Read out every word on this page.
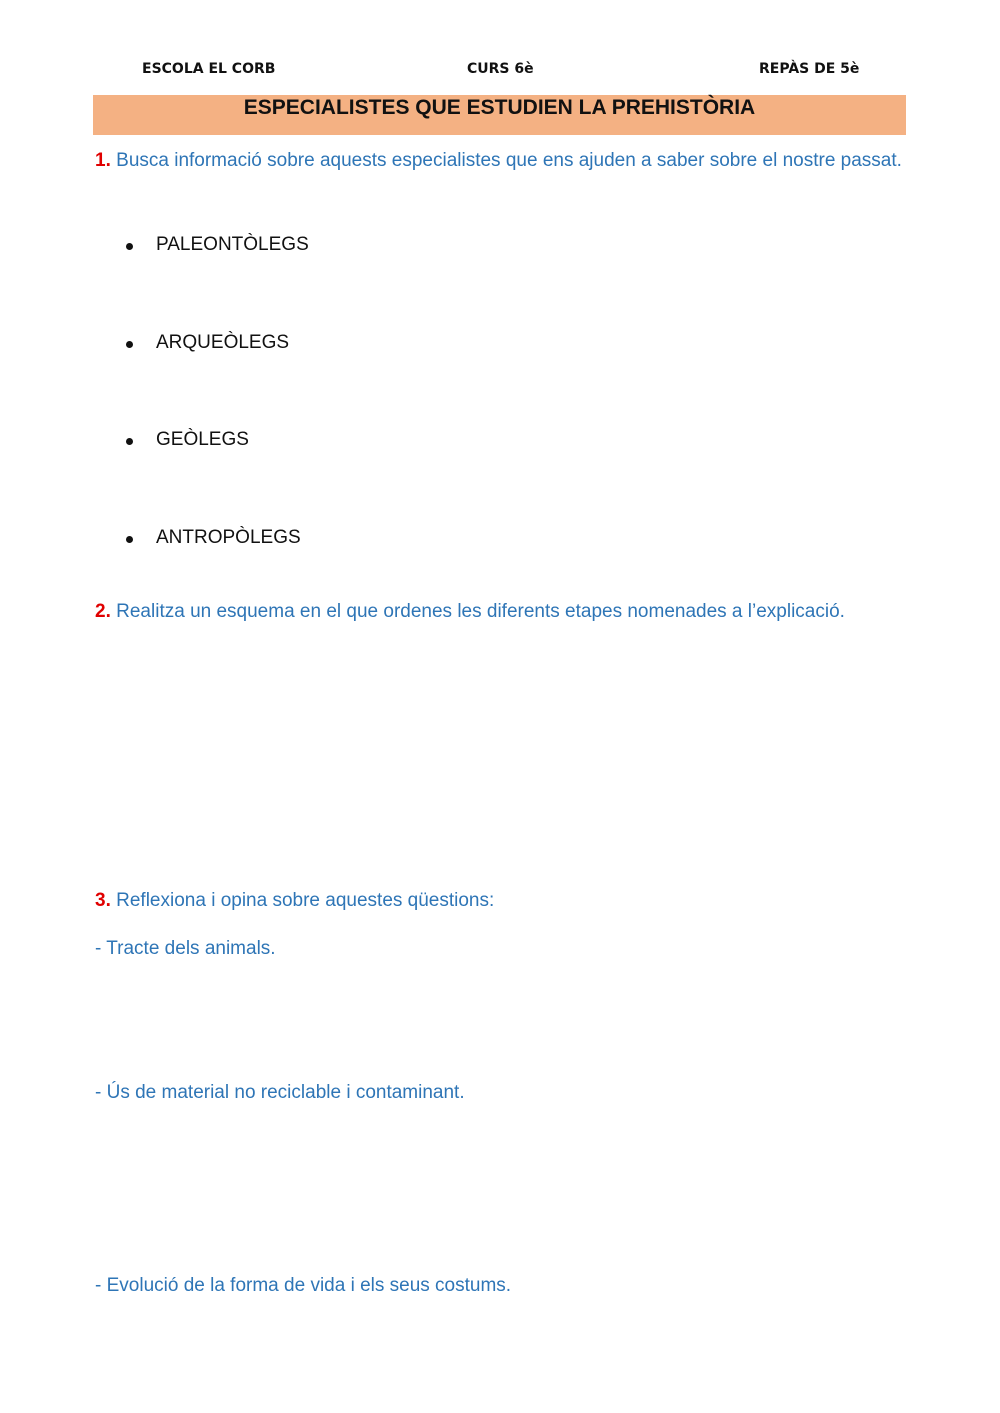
ESCOLA EL CORB	CURS 6è	REPÀS DE 5è
ESPECIALISTES QUE ESTUDIEN LA PREHISTÒRIA
1. Busca informació sobre aquests especialistes que ens ajuden a saber sobre el nostre passat.
PALEONTÒLEGS
ARQUEÒLEGS
GEÒLEGS
ANTROPÒLEGS
2. Realitza un esquema en el que ordenes les diferents etapes nomenades a l’explicació.
3. Reflexiona i opina sobre aquestes qüestions:
- Tracte dels animals.
- Ús de material no reciclable i contaminant.
- Evolució de la forma de vida i els seus costums.
